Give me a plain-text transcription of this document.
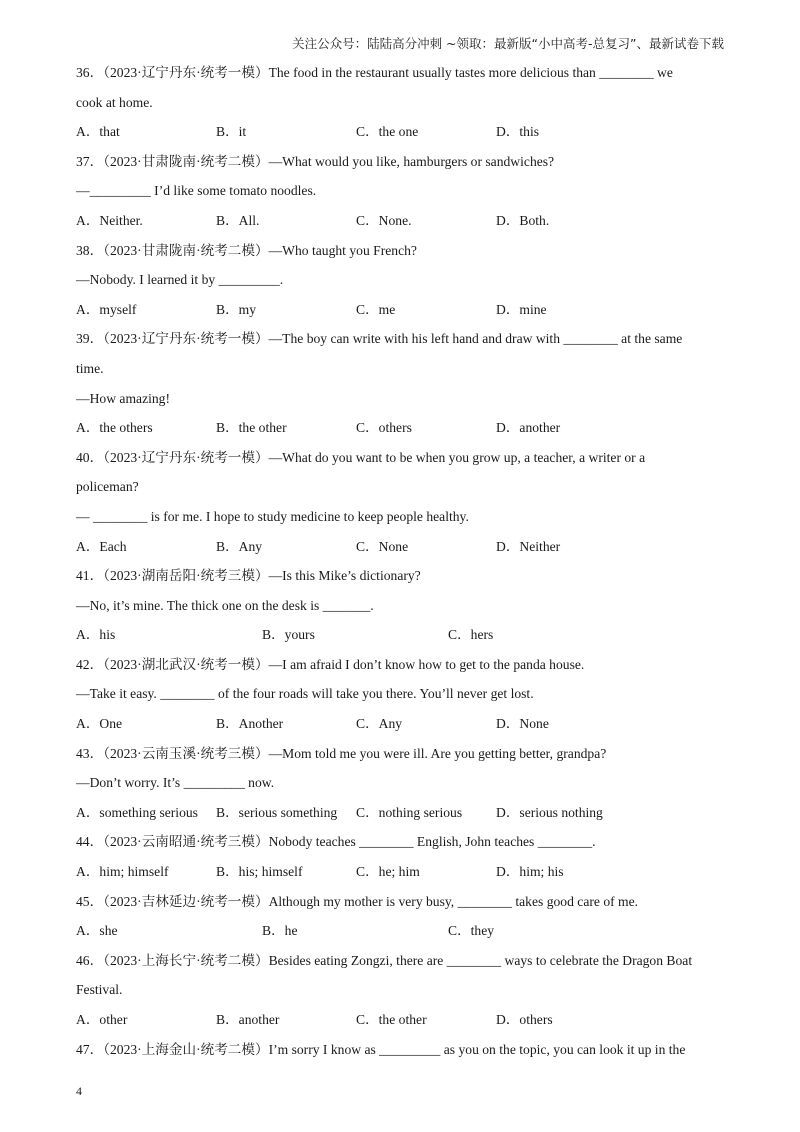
关注公众号：陆陆高分冲刺 ~领取：最新版“小中高考-总复习”、最新试卷下载
36．（2023·辽宁丹东·统考一模）The food in the restaurant usually tastes more delicious than ________ we
cook at home.
A．that	B．it	C．the one	D．this
37．（2023·甘肃陇南·统考二模）—What would you like, hamburgers or sandwiches?
—_________ I’d like some tomato noodles.
A．Neither.	B．All.	C．None.	D．Both.
38．（2023·甘肃陇南·统考二模）—Who taught you French?
—Nobody. I learned it by _________.
A．myself	B．my	C．me	D．mine
39．（2023·辽宁丹东·统考一模）—The boy can write with his left hand and draw with ________ at the same
time.
—How amazing!
A．the others	B．the other	C．others	D．another
40．（2023·辽宁丹东·统考一模）—What do you want to be when you grow up, a teacher, a writer or a
policeman?
— ________ is for me. I hope to study medicine to keep people healthy.
A．Each	B．Any	C．None	D．Neither
41．（2023·湖南岳阳·统考三模）—Is this Mike’s dictionary?
—No, it’s mine. The thick one on the desk is _______.
A．his	B．yours	C．hers
42．（2023·湖北武汉·统考一模）—I am afraid I don’t know how to get to the panda house.
—Take it easy. ________ of the four roads will take you there. You’ll never get lost.
A．One	B．Another	C．Any	D．None
43．（2023·云南玉溪·统考三模）—Mom told me you were ill. Are you getting better, grandpa?
—Don’t worry. It’s _________ now.
A．something serious B．serious something C．nothing serious D．serious nothing
44．（2023·云南昭通·统考三模）Nobody teaches ________ English, John teaches ________.
A．him; himself	B．his; himself	C．he; him	D．him; his
45．（2023·吉林延边·统考一模）Although my mother is very busy, ________ takes good care of me.
A．she	B．he	C．they
46．（2023·上海长宁·统考二模）Besides eating Zongzi, there are ________ ways to celebrate the Dragon Boat
Festival.
A．other	B．another	C．the other	D．others
47．（2023·上海金山·统考二模）I’m sorry I know as _________ as you on the topic, you can look it up in the
4
